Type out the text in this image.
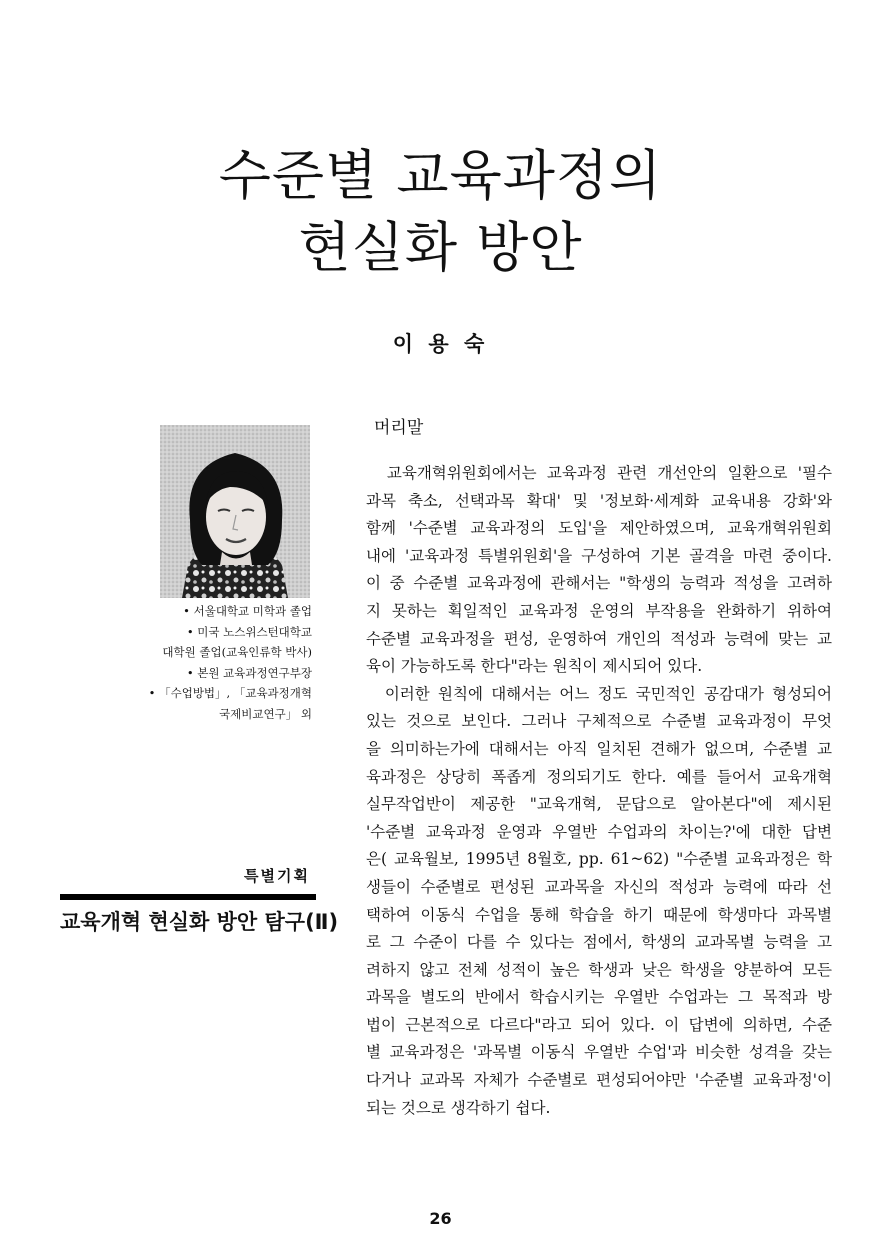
수준별 교육과정의
현실화 방안
이 용 숙
• 서울대학교 미학과 졸업
• 미국 노스위스턴대학교
대학원 졸업(교육인류학 박사)
• 본원 교육과정연구부장
• 「수업방법」, 「교육과정개혁
국제비교연구」 외
특별기획
교육개혁 현실화 방안 탐구(Ⅱ)
머리말
　교육개혁위원회에서는 교육과정 관련 개선안의 일환으로 '필수
과목 축소, 선택과목 확대' 및 '정보화·세계화 교육내용 강화'와
함께 '수준별 교육과정의 도입'을 제안하였으며, 교육개혁위원회
내에 '교육과정 특별위원회'을 구성하여 기본 골격을 마련 중이다.
이 중 수준별 교육과정에 관해서는 "학생의 능력과 적성을 고려하
지 못하는 획일적인 교육과정 운영의 부작용을 완화하기 위하여
수준별 교육과정을 편성, 운영하여 개인의 적성과 능력에 맞는 교
육이 가능하도록 한다"라는 원칙이 제시되어 있다.
　이러한 원칙에 대해서는 어느 정도 국민적인 공감대가 형성되어
있는 것으로 보인다. 그러나 구체적으로 수준별 교육과정이 무엇
을 의미하는가에 대해서는 아직 일치된 견해가 없으며, 수준별 교
육과정은 상당히 폭좁게 정의되기도 한다. 예를 들어서 교육개혁
실무작업반이 제공한 "교육개혁, 문답으로 알아본다"에 제시된
'수준별 교육과정 운영과 우열반 수업과의 차이는?'에 대한 답변
은( 교육월보, 1995년 8월호, pp. 61~62) "수준별 교육과정은 학
생들이 수준별로 편성된 교과목을 자신의 적성과 능력에 따라 선
택하여 이동식 수업을 통해 학습을 하기 때문에 학생마다 과목별
로 그 수준이 다를 수 있다는 점에서, 학생의 교과목별 능력을 고
려하지 않고 전체 성적이 높은 학생과 낮은 학생을 양분하여 모든
과목을 별도의 반에서 학습시키는 우열반 수업과는 그 목적과 방
법이 근본적으로 다르다"라고 되어 있다. 이 답변에 의하면, 수준
별 교육과정은 '과목별 이동식 우열반 수업'과 비슷한 성격을 갖는
다거나 교과목 자체가 수준별로 편성되어야만 '수준별 교육과정'이
되는 것으로 생각하기 쉽다.
26
